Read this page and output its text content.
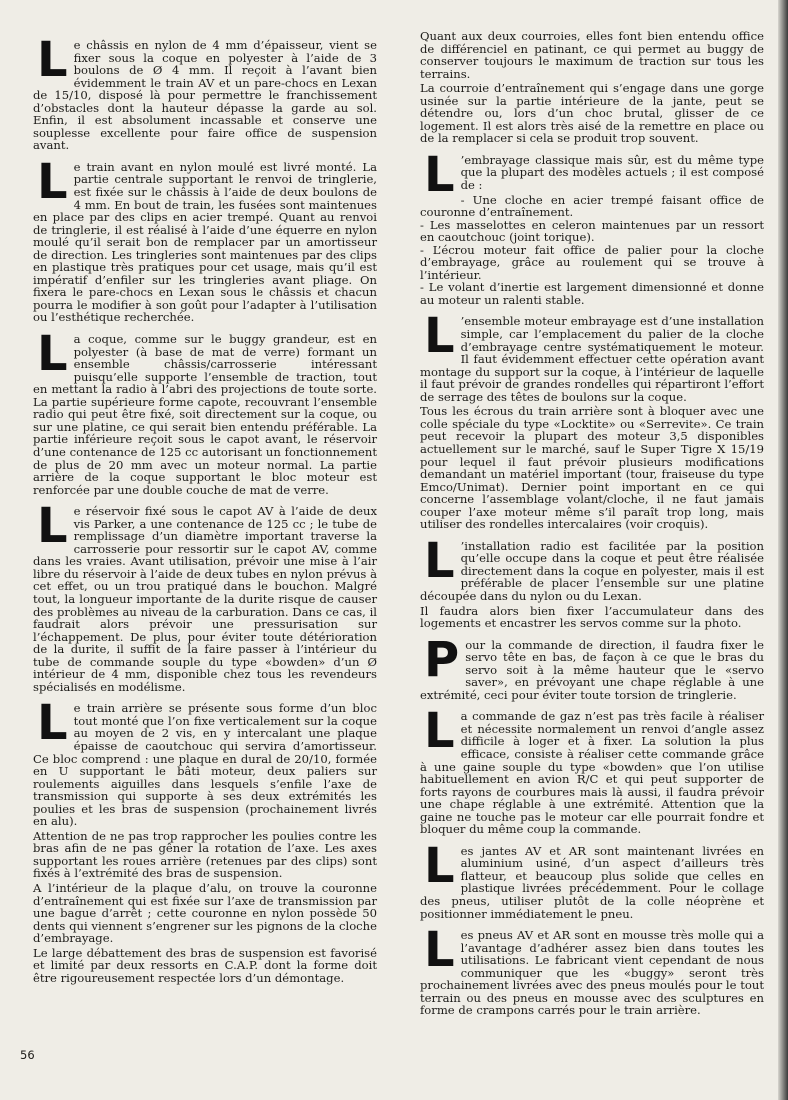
Le châssis en nylon de 4 mm d’épaisseur, vient se fixer sous la coque en polyester à l’aide de 3 boulons de Ø 4 mm. Il reçoit à l’avant bien évidemment le train AV et un pare-chocs en Lexan de 15/10, disposé là pour permettre le franchissement d’obstacles dont la hauteur dépasse la garde au sol. Enfin, il est absolument incassable et conserve une souplesse excellente pour faire office de suspension avant.

Le train avant en nylon moulé est livré monté. La partie centrale supportant le renvoi de tringlerie, est fixée sur le châssis à l’aide de deux boulons de 4 mm. En bout de train, les fusées sont maintenues en place par des clips en acier trempé. Quant au renvoi de tringlerie, il est réalisé à l’aide d’une équerre en nylon moulé qu’il serait bon de remplacer par un amortisseur de direction. Les tringleries sont maintenues par des clips en plastique très pratiques pour cet usage, mais qu’il est impératif d’enfiler sur les tringleries avant pliage. On fixera le pare-chocs en Lexan sous le châssis et chacun pourra le modifier à son goût pour l’adapter à l’utilisation ou l’esthétique recherchée.

La coque, comme sur le buggy grandeur, est en polyester (à base de mat de verre) formant un ensemble châssis/carrosserie intéressant puisqu’elle supporte l’ensemble de traction, tout en mettant la radio à l’abri des projections de toute sorte. La partie supérieure forme capote, recouvrant l’ensemble radio qui peut être fixé, soit directement sur la coque, ou sur une platine, ce qui serait bien entendu préférable. La partie inférieure reçoit sous le capot avant, le réservoir d’une contenance de 125 cc autorisant un fonctionnement de plus de 20 mm avec un moteur normal. La partie arrière de la coque supportant le bloc moteur est renforcée par une double couche de mat de verre.

Le réservoir fixé sous le capot AV à l’aide de deux vis Parker, a une contenance de 125 cc ; le tube de remplissage d’un diamètre important traverse la carrosserie pour ressortir sur le capot AV, comme dans les vraies. Avant utilisation, prévoir une mise à l’air libre du réservoir à l’aide de deux tubes en nylon prévus à cet effet, ou un trou pratiqué dans le bouchon. Malgré tout, la longueur importante de la durite risque de causer des problèmes au niveau de la carburation. Dans ce cas, il faudrait alors prévoir une pressurisation sur l’échappement. De plus, pour éviter toute détérioration de la durite, il suffit de la faire passer à l’intérieur du tube de commande souple du type «bowden» d’un Ø intérieur de 4 mm, disponible chez tous les revendeurs spécialisés en modélisme.

Le train arrière se présente sous forme d’un bloc tout monté que l’on fixe verticalement sur la coque au moyen de 2 vis, en y intercalant une plaque épaisse de caoutchouc qui servira d’amortisseur. Ce bloc comprend : une plaque en dural de 20/10, formée en U supportant le bâti moteur, deux paliers sur roulements aiguilles dans lesquels s’enfile l’axe de transmission qui supporte à ses deux extrémités les poulies et les bras de suspension (prochainement livrés en alu).

Attention de ne pas trop rapprocher les poulies contre les bras afin de ne pas gêner la rotation de l’axe. Les axes supportant les roues arrière (retenues par des clips) sont fixés à l’extrémité des bras de suspension.

A l’intérieur de la plaque d’alu, on trouve la couronne d’entraînement qui est fixée sur l’axe de transmission par une bague d’arrêt ; cette couronne en nylon possède 50 dents qui viennent s’engrener sur les pignons de la cloche d’embrayage.

Le large débattement des bras de suspension est favorisé et limité par deux ressorts en C.A.P. dont la forme doit être rigoureusement respectée lors d’un démontage.

Quant aux deux courroies, elles font bien entendu office de différenciel en patinant, ce qui permet au buggy de conserver toujours le maximum de traction sur tous les terrains.

La courroie d’entraînement qui s’engage dans une gorge usinée sur la partie intérieure de la jante, peut se détendre ou, lors d’un choc brutal, glisser de ce logement. Il est alors très aisé de la remettre en place ou de la remplacer si cela se produit trop souvent.

L ’embrayage classique mais sûr, est du même type que la plupart des modèles actuels ; il est composé de :

- Une cloche en acier trempé faisant office de couronne d’entraînement.

- Les masselottes en celeron maintenues par un ressort en caoutchouc (joint torique).

- L’écrou moteur fait office de palier pour la cloche d’embrayage, grâce au roulement qui se trouve à l’intérieur.

- Le volant d’inertie est largement dimensionné et donne au moteur un ralenti stable.

L ’ensemble moteur embrayage est d’une installation simple, car l’emplacement du palier de la cloche d’embrayage centre systématiquement le moteur. Il faut évidemment effectuer cette opération avant montage du support sur la coque, à l’intérieur de laquelle il faut prévoir de grandes rondelles qui répartiront l’effort de serrage des têtes de boulons sur la coque.

Tous les écrous du train arrière sont à bloquer avec une colle spéciale du type «Locktite» ou «Serrevite». Ce train peut recevoir la plupart des moteur 3,5 disponibles actuellement sur le marché, sauf le Super Tigre X 15/19 pour lequel il faut prévoir plusieurs modifications demandant un matériel important (tour, fraiseuse du type Emco/Unimat). Dernier point important en ce qui concerne l’assemblage volant/cloche, il ne faut jamais couper l’axe moteur même s’il paraît trop long, mais utiliser des rondelles intercalaires (voir croquis).

L ’installation radio est facilitée par la position qu’elle occupe dans la coque et peut être réalisée directement dans la coque en polyester, mais il est préférable de placer l’ensemble sur une platine découpée dans du nylon ou du Lexan.

Il faudra alors bien fixer l’accumulateur dans des logements et encastrer les servos comme sur la photo.

Pour la commande de direction, il faudra fixer le servo tête en bas, de façon à ce que le bras du servo soit à la même hauteur que le «servo saver», en prévoyant une chape réglable à une extrémité, ceci pour éviter toute torsion de tringlerie.

La commande de gaz n’est pas très facile à réaliser et nécessite normalement un renvoi d’angle assez difficile à loger et à fixer. La solution la plus efficace, consiste à réaliser cette commande grâce à une gaine souple du type «bowden» que l’on utilise habituellement en avion R/C et qui peut supporter de forts rayons de courbures mais là aussi, il faudra prévoir une chape réglable à une extrémité. Attention que la gaine ne touche pas le moteur car elle pourrait fondre et bloquer du même coup la commande.

Les jantes AV et AR sont maintenant livrées en aluminium usiné, d’un aspect d’ailleurs très flatteur, et beaucoup plus solide que celles en plastique livrées précédemment. Pour le collage des pneus, utiliser plutôt de la colle néoprène et positionner immédiatement le pneu.

Les pneus AV et AR sont en mousse très molle qui a l’avantage d’adhérer assez bien dans toutes les utilisations. Le fabricant vient cependant de nous communiquer que les «buggy» seront très prochainement livrées avec des pneus moulés pour le tout terrain ou des pneus en mousse avec des sculptures en forme de crampons carrés pour le train arrière.

56
